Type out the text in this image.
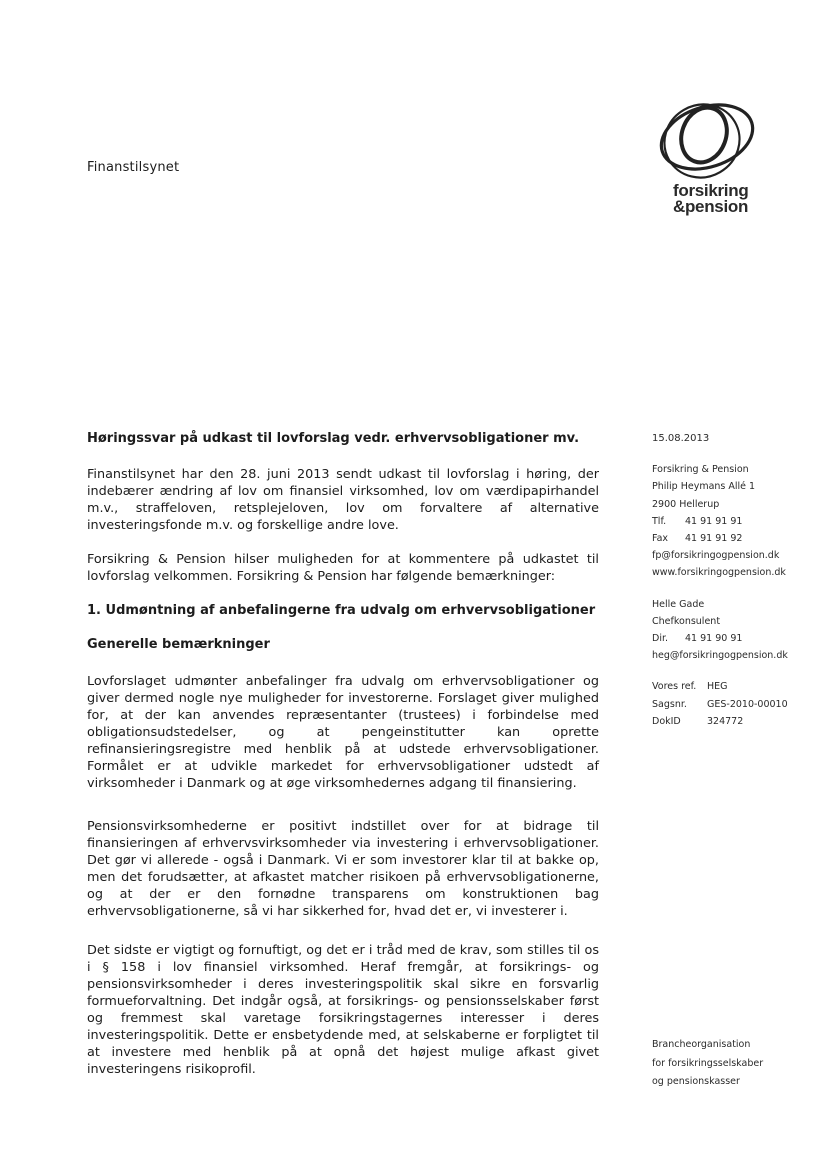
Finanstilsynet
forsikring
&pension
Høringssvar på udkast til lovforslag vedr. erhvervsobligationer mv.

Finanstilsynet har den 28. juni 2013 sendt udkast til lovforslag i høring, der indebærer ændring af lov om finansiel virksomhed, lov om værdipapirhandel m.v., straffeloven, retsplejeloven, lov om forvaltere af alternative investeringsfonde m.v. og forskellige andre love.

Forsikring & Pension hilser muligheden for at kommentere på udkastet til lovforslag velkommen. Forsikring & Pension har følgende bemærkninger:

1. Udmøntning af anbefalingerne fra udvalg om erhvervsobligationer
Generelle bemærkninger

Lovforslaget udmønter anbefalinger fra udvalg om erhvervsobligationer og giver dermed nogle nye muligheder for investorerne. Forslaget giver mulighed for, at der kan anvendes repræsentanter (trustees) i forbindelse med obligationsudstedelser, og at pengeinstitutter kan oprette refinansieringsregistre med henblik på at udstede erhvervsobligationer. Formålet er at udvikle markedet for erhvervsobligationer udstedt af virksomheder i Danmark og at øge virksomhedernes adgang til finansiering.

Pensionsvirksomhederne er positivt indstillet over for at bidrage til finansieringen af erhvervsvirksomheder via investering i erhvervsobligationer. Det gør vi allerede - også i Danmark. Vi er som investorer klar til at bakke op, men det forudsætter, at afkastet matcher risikoen på erhvervsobligationerne, og at der er den fornødne transparens om konstruktionen bag erhvervsobligationerne, så vi har sikkerhed for, hvad det er, vi investerer i.

Det sidste er vigtigt og fornuftigt, og det er i tråd med de krav, som stilles til os i § 158 i lov finansiel virksomhed. Heraf fremgår, at forsikrings- og pensionsvirksomheder i deres investeringspolitik skal sikre en forsvarlig formueforvaltning. Det indgår også, at forsikrings- og pensionsselskaber først og fremmest skal varetage forsikringstagernes interesser i deres investeringspolitik. Dette er ensbetydende med, at selskaberne er forpligtet til at investere med henblik på at opnå det højest mulige afkast givet investeringens risikoprofil.

15.08.2013
Forsikring & Pension
Philip Heymans Allé 1
2900 Hellerup
Tlf.	41 91 91 91
Fax	41 91 91 92
fp@forsikringogpension.dk
www.forsikringogpension.dk
Helle Gade
Chefkonsulent
Dir.	41 91 90 91
heg@forsikringogpension.dk
Vores ref.	HEG
Sagsnr.	GES-2010-00010
DokID	324772
Brancheorganisation
for forsikringsselskaber
og pensionskasser
